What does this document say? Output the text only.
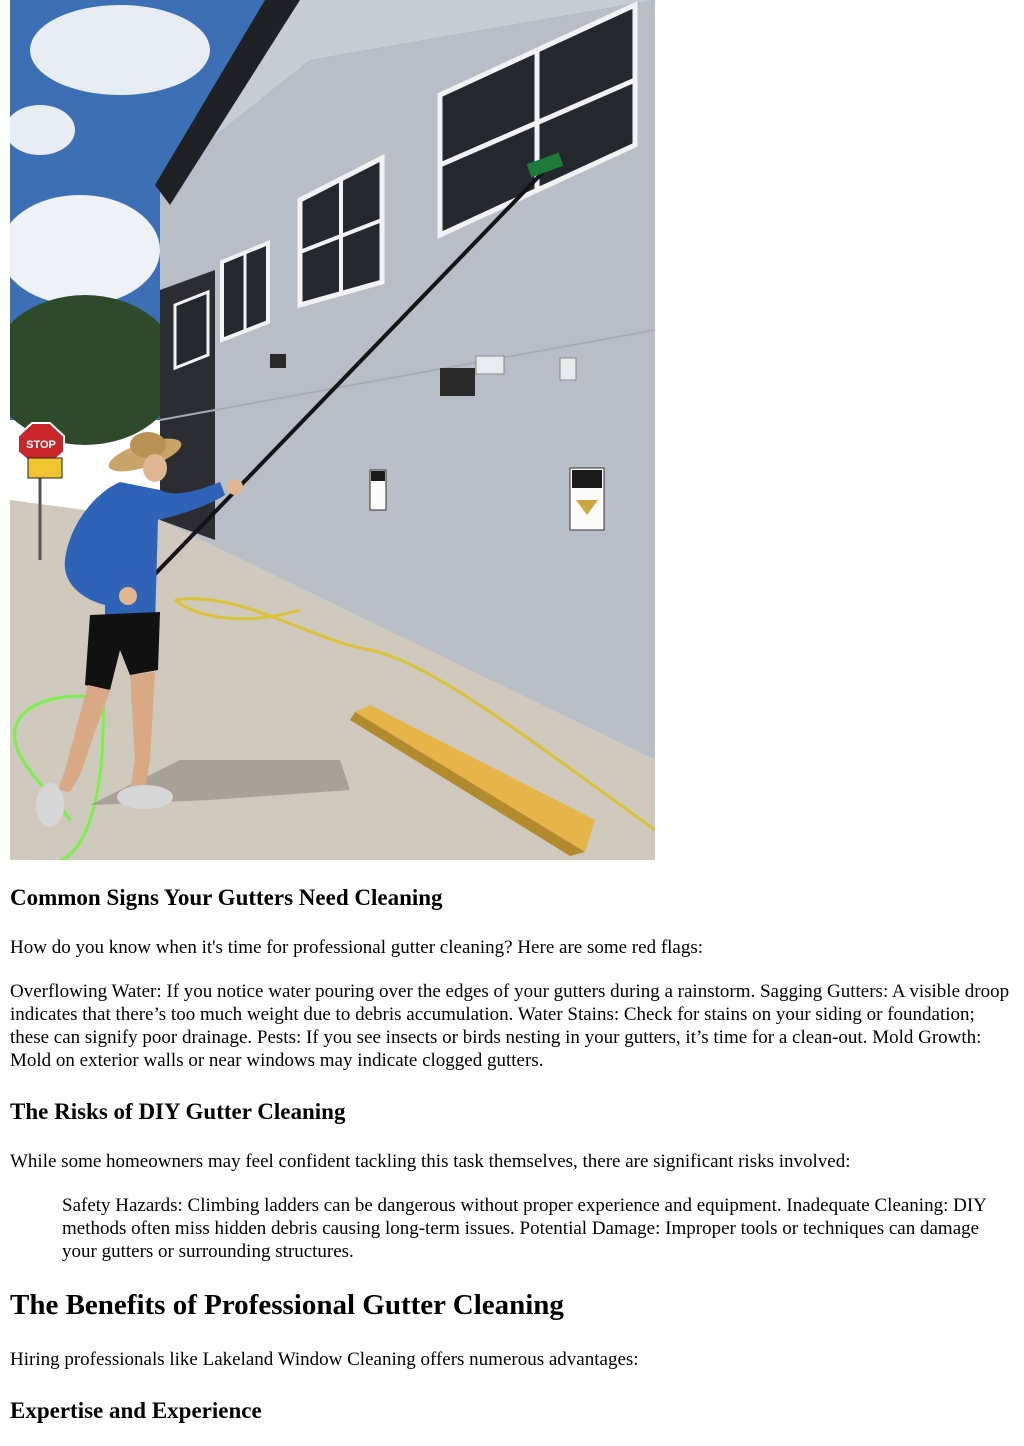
STOP
Common Signs Your Gutters Need Cleaning

How do you know when it's time for professional gutter cleaning? Here are some red flags:

Overflowing Water: If you notice water pouring over the edges of your gutters during a rainstorm. Sagging Gutters: A visible droop indicates that there’s too much weight due to debris accumulation. Water Stains: Check for stains on your siding or foundation; these can signify poor drainage. Pests: If you see insects or birds nesting in your gutters, it’s time for a clean-out. Mold Growth: Mold on exterior walls or near windows may indicate clogged gutters.

The Risks of DIY Gutter Cleaning

While some homeowners may feel confident tackling this task themselves, there are significant risks involved:

Safety Hazards: Climbing ladders can be dangerous without proper experience and equipment. Inadequate Cleaning: DIY methods often miss hidden debris causing long-term issues. Potential Damage: Improper tools or techniques can damage your gutters or surrounding structures.
The Benefits of Professional Gutter Cleaning

Hiring professionals like Lakeland Window Cleaning offers numerous advantages:

Expertise and Experience
